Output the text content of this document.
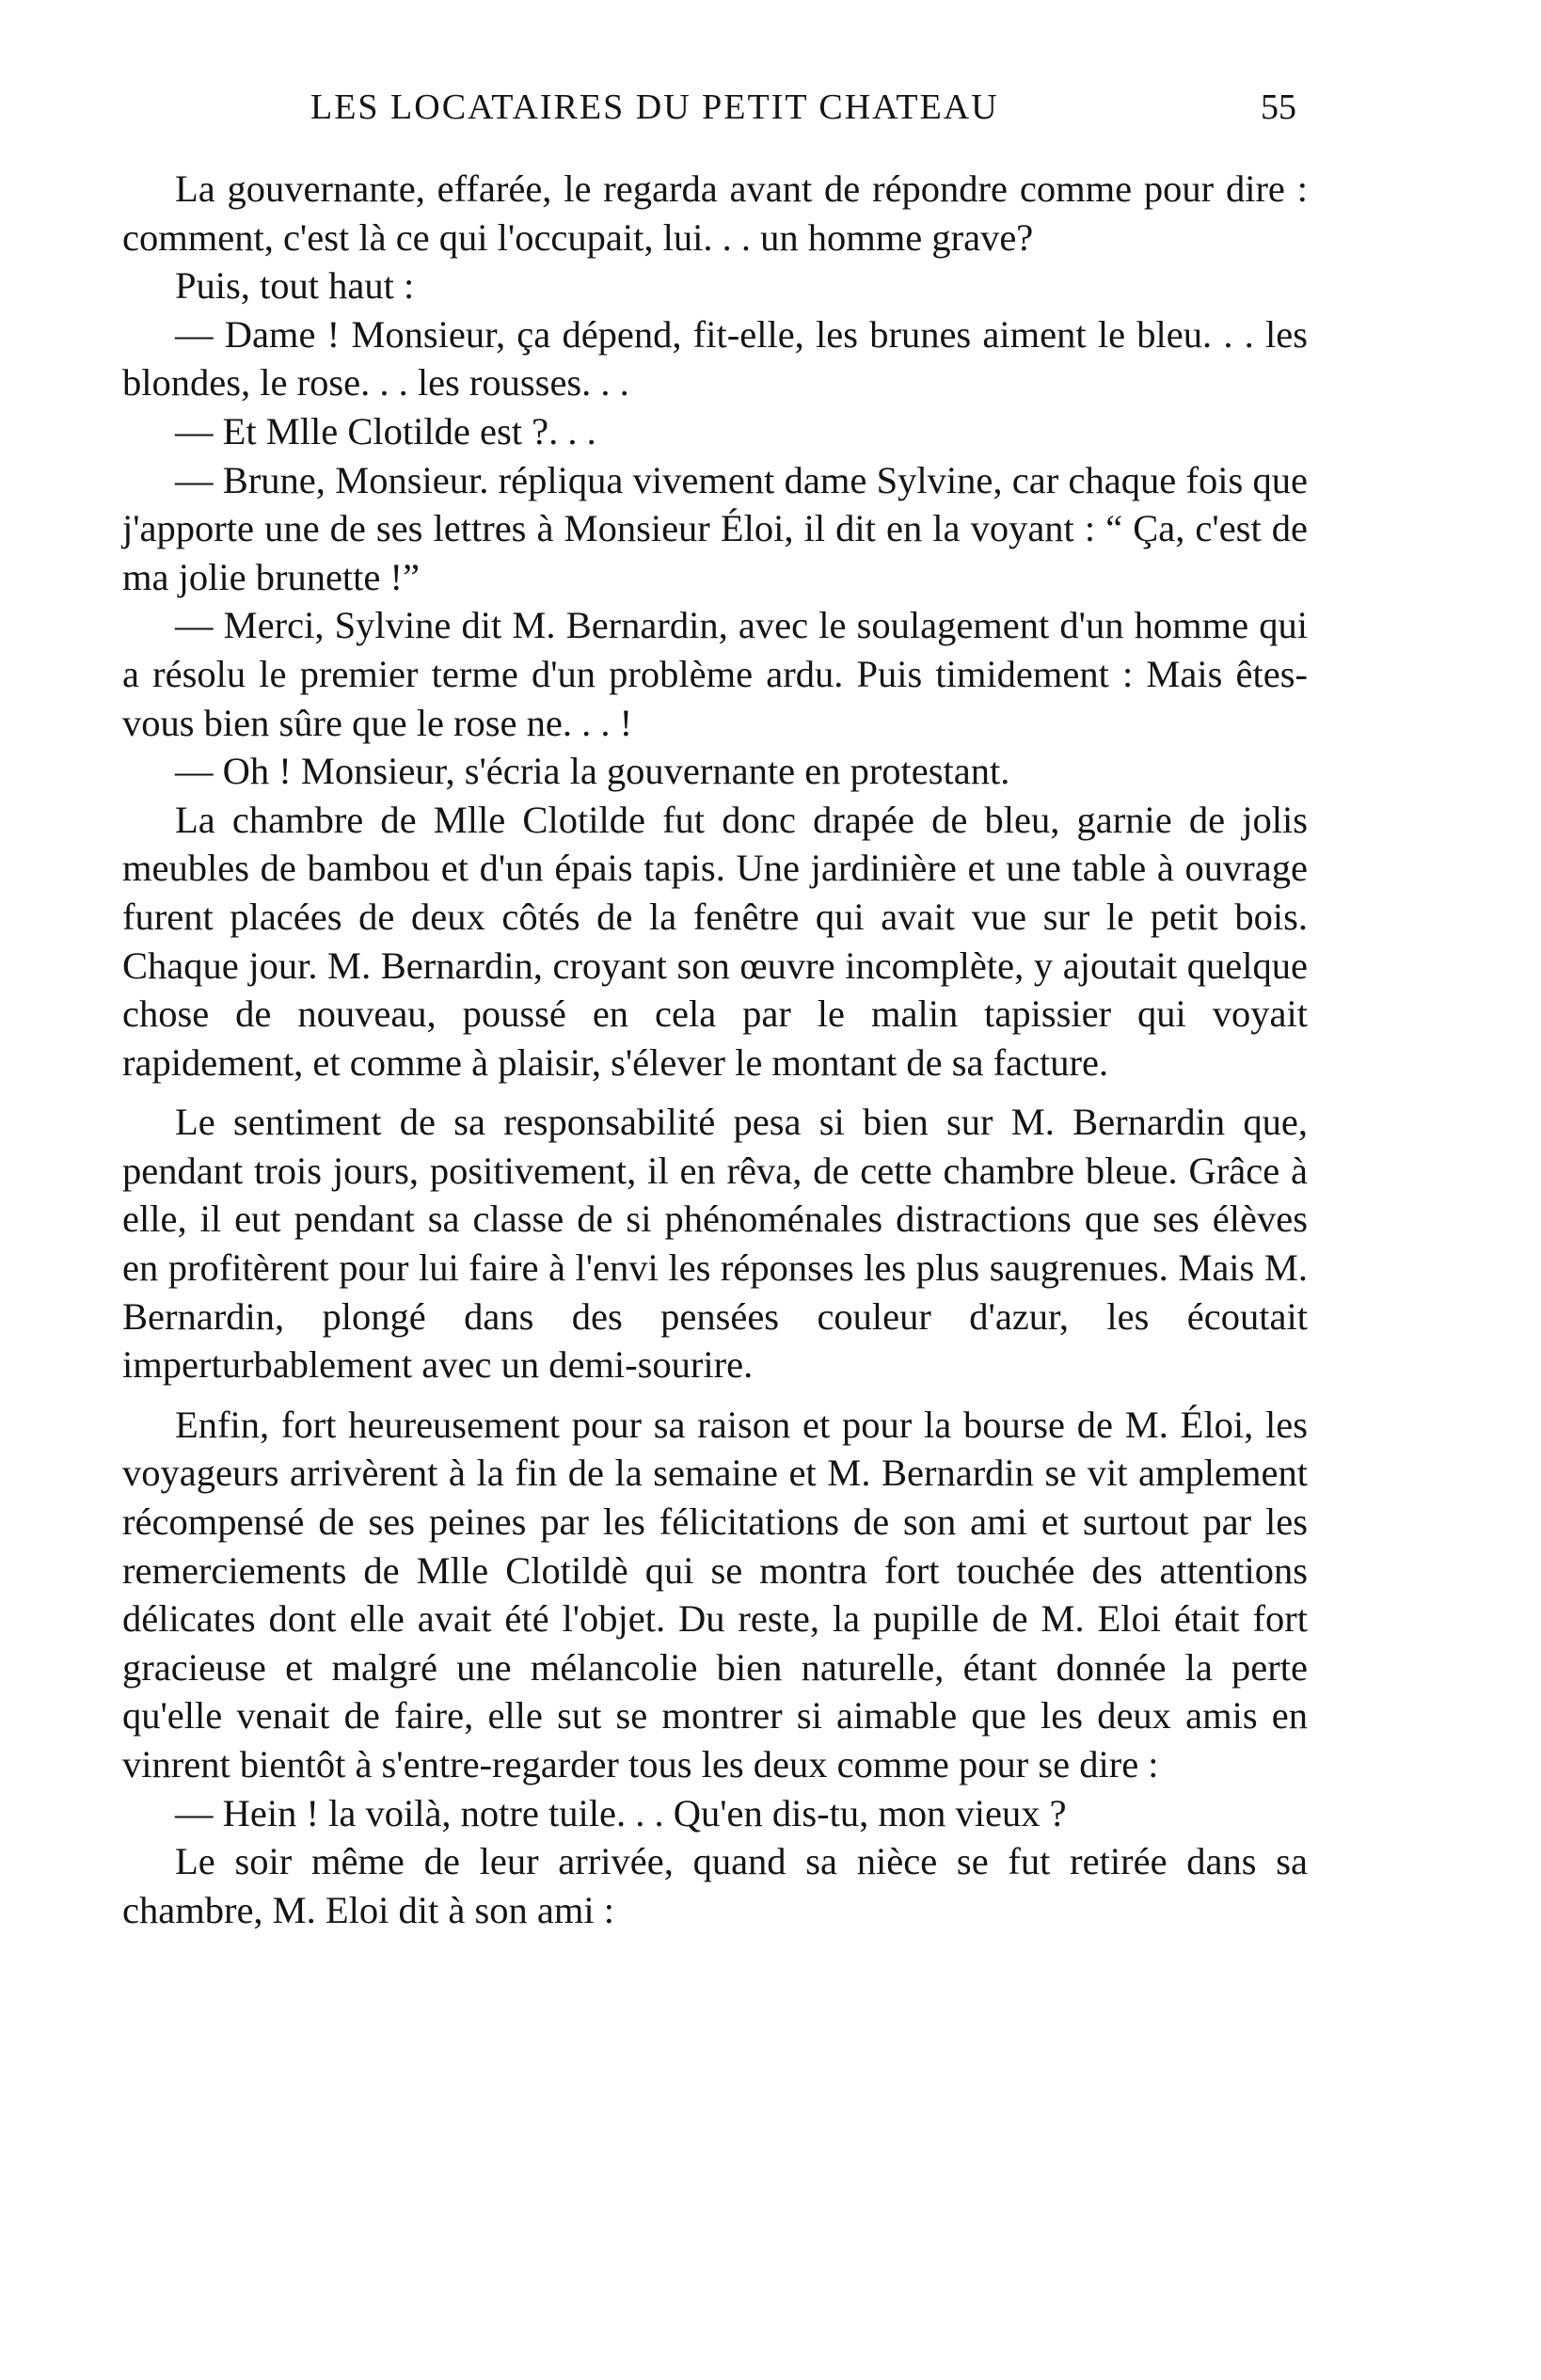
LES LOCATAIRES DU PETIT CHATEAU	55

La gouvernante, effarée, le regarda avant de répondre comme pour dire : comment, c'est là ce qui l'occupait, lui. . . un homme grave?

Puis, tout haut :

— Dame ! Monsieur, ça dépend, fit-elle, les brunes aiment le bleu. . . les blondes, le rose. . . les rousses. . .

— Et Mlle Clotilde est ?. . .

— Brune, Monsieur. répliqua vivement dame Sylvine, car chaque fois que j'apporte une de ses lettres à Monsieur Éloi, il dit en la voyant : “ Ça, c'est de ma jolie brunette !”

— Merci, Sylvine dit M. Bernardin, avec le soulagement d'un homme qui a résolu le premier terme d'un problème ardu. Puis timidement : Mais êtes-vous bien sûre que le rose ne. . . !

— Oh ! Monsieur, s'écria la gouvernante en protestant.

La chambre de Mlle Clotilde fut donc drapée de bleu, garnie de jolis meubles de bambou et d'un épais tapis. Une jardinière et une table à ouvrage furent placées de deux côtés de la fenêtre qui avait vue sur le petit bois. Chaque jour. M. Bernardin, croyant son œuvre incomplète, y ajoutait quelque chose de nouveau, poussé en cela par le malin tapissier qui voyait rapidement, et comme à plaisir, s'élever le montant de sa facture.

Le sentiment de sa responsabilité pesa si bien sur M. Bernardin que, pendant trois jours, positivement, il en rêva, de cette chambre bleue. Grâce à elle, il eut pendant sa classe de si phénoménales distractions que ses élèves en profitèrent pour lui faire à l'envi les réponses les plus saugrenues. Mais M. Bernardin, plongé dans des pensées couleur d'azur, les écoutait imperturbablement avec un demi-sourire.

Enfin, fort heureusement pour sa raison et pour la bourse de M. Éloi, les voyageurs arrivèrent à la fin de la semaine et M. Bernardin se vit amplement récompensé de ses peines par les félicitations de son ami et surtout par les remerciements de Mlle Clotildè qui se montra fort touchée des attentions délicates dont elle avait été l'objet. Du reste, la pupille de M. Eloi était fort gracieuse et malgré une mélancolie bien naturelle, étant donnée la perte qu'elle venait de faire, elle sut se montrer si aimable que les deux amis en vinrent bientôt à s'entre-regarder tous les deux comme pour se dire :

— Hein ! la voilà, notre tuile. . . Qu'en dis-tu, mon vieux ?

Le soir même de leur arrivée, quand sa nièce se fut retirée dans sa chambre, M. Eloi dit à son ami :
